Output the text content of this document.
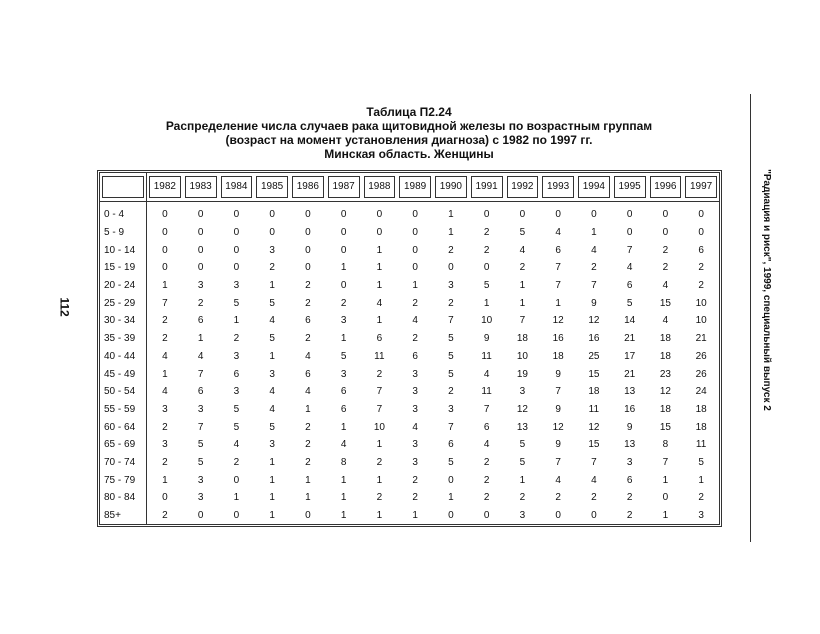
Таблица П2.24
Распределение числа случаев рака щитовидной железы по возрастным группам
(возраст на момент установления диагноза) с 1982 по 1997 гг.
Минская область. Женщины
112	"Радиация и риск", 1999, специальный выпуск 2

	1982	1983	1984	1985	1986	1987	1988	1989	1990	1991	1992	1993	1994	1995	1996	1997

0 - 4	0	0	0	0	0	0	0	0	1	0	0	0	0	0	0	0
5 - 9	0	0	0	0	0	0	0	0	1	2	5	4	1	0	0	0
10 - 14	0	0	0	3	0	0	1	0	2	2	4	6	4	7	2	6
15 - 19	0	0	0	2	0	1	1	0	0	0	2	7	2	4	2	2
20 - 24	1	3	3	1	2	0	1	1	3	5	1	7	7	6	4	2
25 - 29	7	2	5	5	2	2	4	2	2	1	1	1	9	5	15	10
30 - 34	2	6	1	4	6	3	1	4	7	10	7	12	12	14	4	10
35 - 39	2	1	2	5	2	1	6	2	5	9	18	16	16	21	18	21
40 - 44	4	4	3	1	4	5	11	6	5	11	10	18	25	17	18	26
45 - 49	1	7	6	3	6	3	2	3	5	4	19	9	15	21	23	26
50 - 54	4	6	3	4	4	6	7	3	2	11	3	7	18	13	12	24
55 - 59	3	3	5	4	1	6	7	3	3	7	12	9	11	16	18	18
60 - 64	2	7	5	5	2	1	10	4	7	6	13	12	12	9	15	18
65 - 69	3	5	4	3	2	4	1	3	6	4	5	9	15	13	8	11
70 - 74	2	5	2	1	2	8	2	3	5	2	5	7	7	3	7	5
75 - 79	1	3	0	1	1	1	1	2	0	2	1	4	4	6	1	1
80 - 84	0	3	1	1	1	1	2	2	1	2	2	2	2	2	0	2
85+	2	0	0	1	0	1	1	1	0	0	3	0	0	2	1	3
